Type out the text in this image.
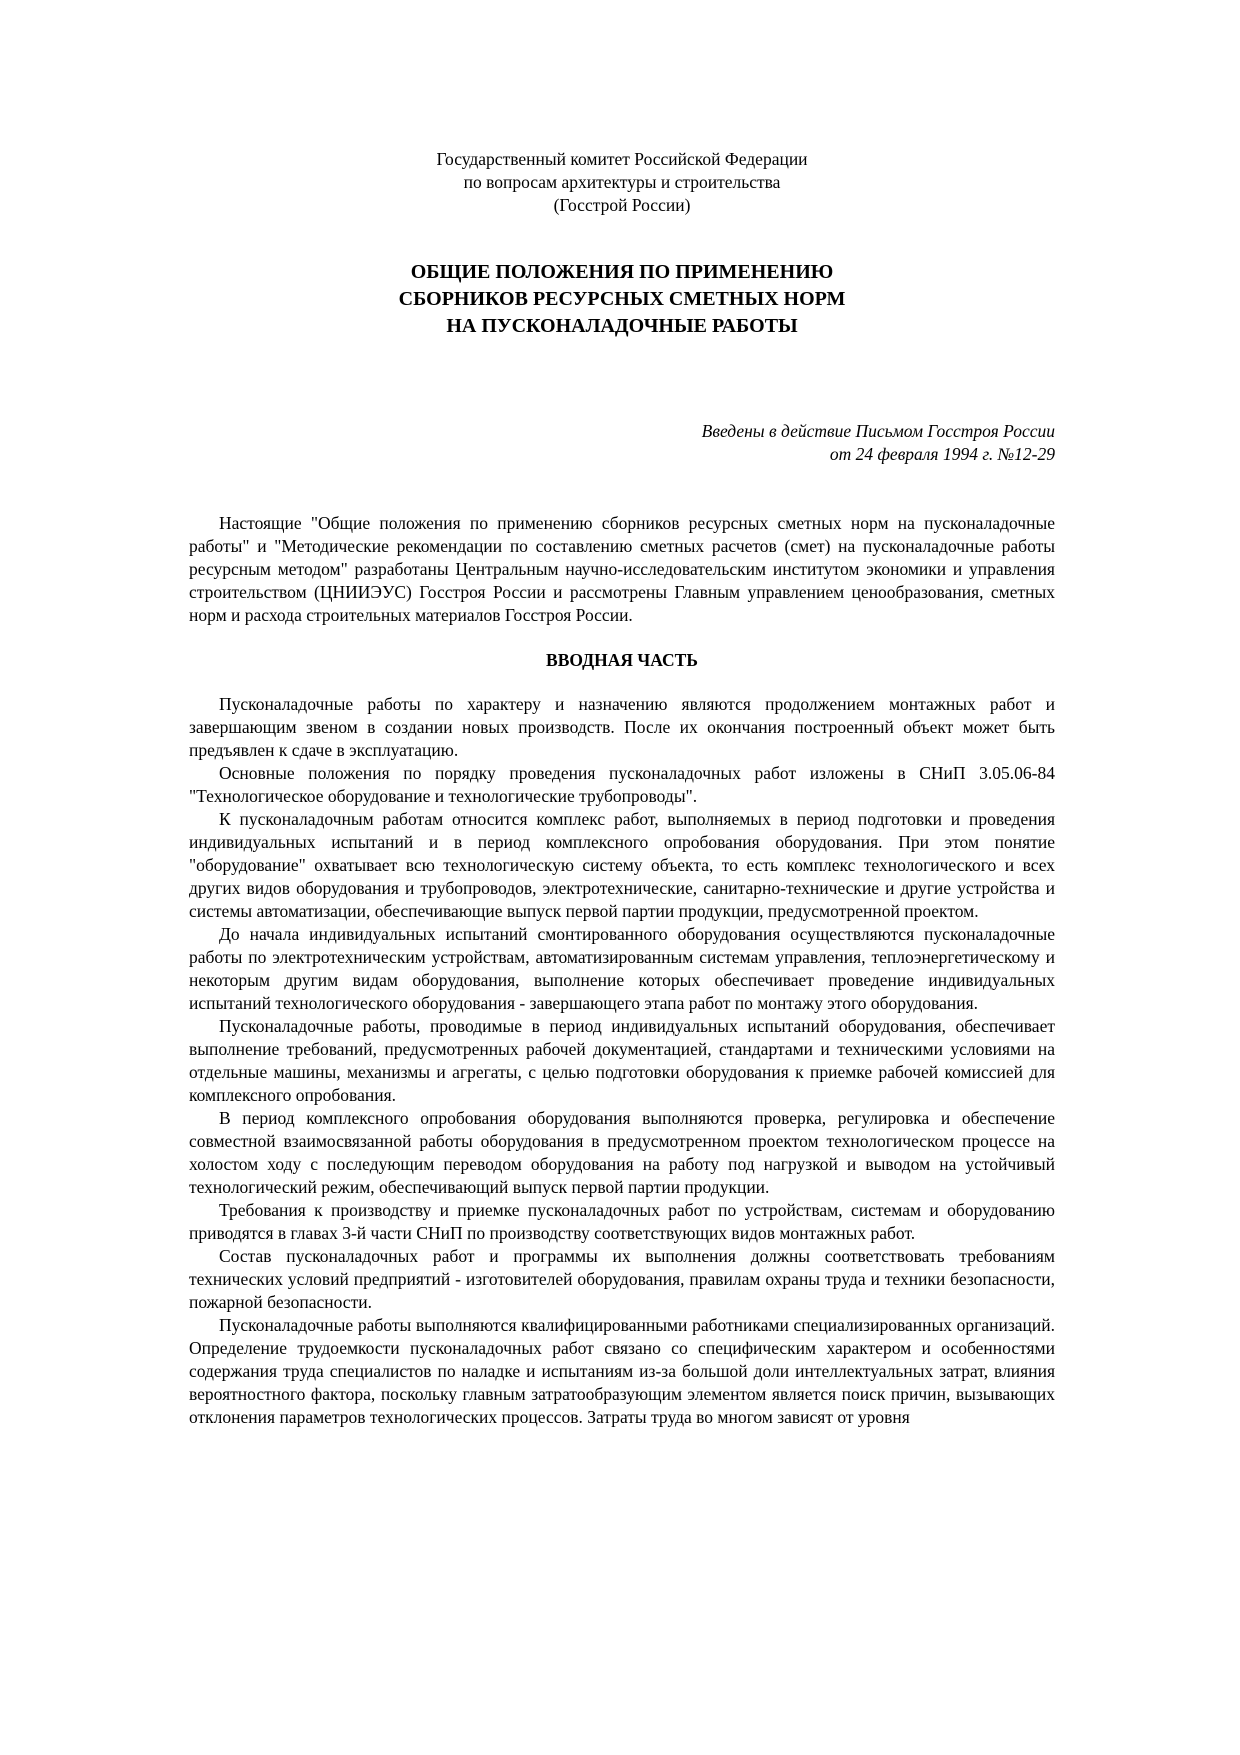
Государственный комитет Российской Федерации
по вопросам архитектуры и строительства
(Госстрой России)
ОБЩИЕ ПОЛОЖЕНИЯ ПО ПРИМЕНЕНИЮ
СБОРНИКОВ РЕСУРСНЫХ СМЕТНЫХ НОРМ
НА ПУСКОНАЛАДОЧНЫЕ РАБОТЫ
Введены в действие Письмом Госстроя России
от 24 февраля 1994 г. №12-29

Настоящие "Общие положения по применению сборников ресурсных сметных норм на пусконаладочные работы" и "Методические рекомендации по составлению сметных расчетов (смет) на пусконаладочные работы ресурсным методом" разработаны Центральным научно-исследовательским институтом экономики и управления строительством (ЦНИИЭУС) Госстроя России и рассмотрены Главным управлением ценообразования, сметных норм и расхода строительных материалов Госстроя России.

ВВОДНАЯ ЧАСТЬ

Пусконаладочные работы по характеру и назначению являются продолжением монтажных работ и завершающим звеном в создании новых производств. После их окончания построенный объект может быть предъявлен к сдаче в эксплуатацию.

Основные положения по порядку проведения пусконаладочных работ изложены в СНиП 3.05.06-84 "Технологическое оборудование и технологические трубопроводы".

К пусконаладочным работам относится комплекс работ, выполняемых в период подготовки и проведения индивидуальных испытаний и в период комплексного опробования оборудования. При этом понятие "оборудование" охватывает всю технологическую систему объекта, то есть комплекс технологического и всех других видов оборудования и трубопроводов, электротехнические, санитарно-технические и другие устройства и системы автоматизации, обеспечивающие выпуск первой партии продукции, предусмотренной проектом.

До начала индивидуальных испытаний смонтированного оборудования осуществляются пусконаладочные работы по электротехническим устройствам, автоматизированным системам управления, теплоэнергетическому и некоторым другим видам оборудования, выполнение которых обеспечивает проведение индивидуальных испытаний технологического оборудования - завершающего этапа работ по монтажу этого оборудования.

Пусконаладочные работы, проводимые в период индивидуальных испытаний оборудования, обеспечивает выполнение требований, предусмотренных рабочей документацией, стандартами и техническими условиями на отдельные машины, механизмы и агрегаты, с целью подготовки оборудования к приемке рабочей комиссией для комплексного опробования.

В период комплексного опробования оборудования выполняются проверка, регулировка и обеспечение совместной взаимосвязанной работы оборудования в предусмотренном проектом технологическом процессе на холостом ходу с последующим переводом оборудования на работу под нагрузкой и выводом на устойчивый технологический режим, обеспечивающий выпуск первой партии продукции.

Требования к производству и приемке пусконаладочных работ по устройствам, системам и оборудованию приводятся в главах 3-й части СНиП по производству соответствующих видов монтажных работ.

Состав пусконаладочных работ и программы их выполнения должны соответствовать требованиям технических условий предприятий - изготовителей оборудования, правилам охраны труда и техники безопасности, пожарной безопасности.

Пусконаладочные работы выполняются квалифицированными работниками специализированных организаций. Определение трудоемкости пусконаладочных работ связано со специфическим характером и особенностями содержания труда специалистов по наладке и испытаниям из-за большой доли интеллектуальных затрат, влияния вероятностного фактора, поскольку главным затратообразующим элементом является поиск причин, вызывающих отклонения параметров технологических процессов. Затраты труда во многом зависят от уровня
